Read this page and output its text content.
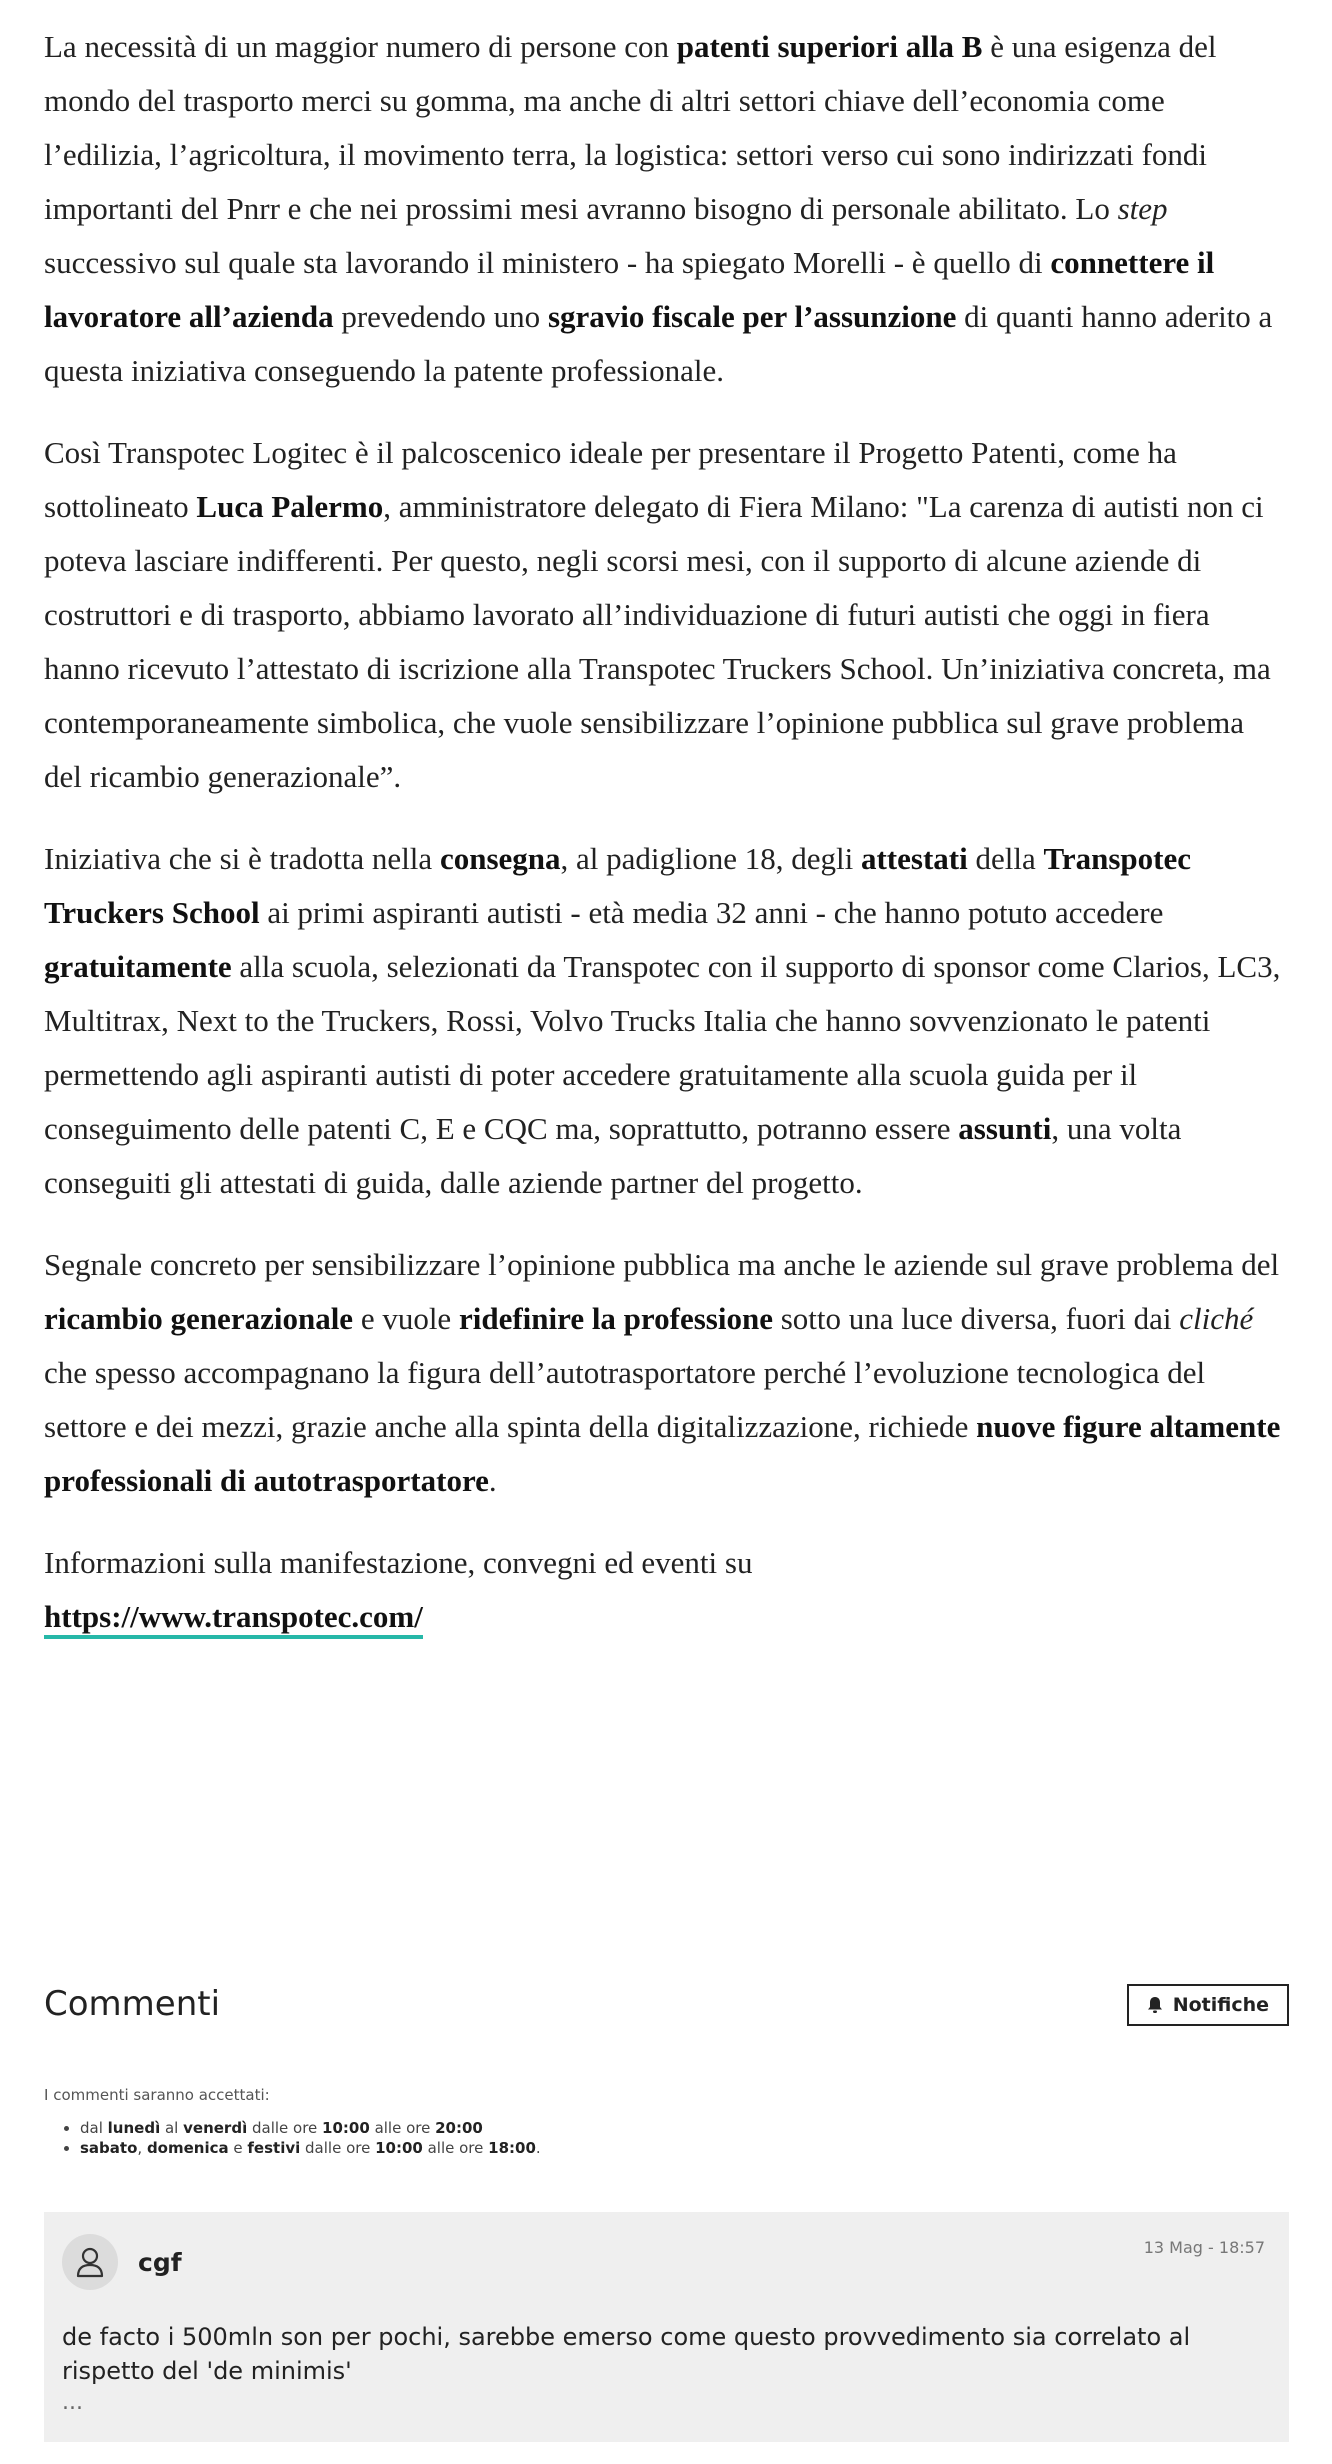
La necessità di un maggior numero di persone con patenti superiori alla B è una esigenza del mondo del trasporto merci su gomma, ma anche di altri settori chiave dell’economia come l’edilizia, l’agricoltura, il movimento terra, la logistica: settori verso cui sono indirizzati fondi importanti del Pnrr e che nei prossimi mesi avranno bisogno di personale abilitato. Lo step successivo sul quale sta lavorando il ministero - ha spiegato Morelli - è quello di connettere il lavoratore all’azienda prevedendo uno sgravio fiscale per l’assunzione di quanti hanno aderito a questa iniziativa conseguendo la patente professionale.

Così Transpotec Logitec è il palcoscenico ideale per presentare il Progetto Patenti, come ha sottolineato Luca Palermo, amministratore delegato di Fiera Milano: "La carenza di autisti non ci poteva lasciare indifferenti. Per questo, negli scorsi mesi, con il supporto di alcune aziende di costruttori e di trasporto, abbiamo lavorato all’individuazione di futuri autisti che oggi in fiera hanno ricevuto l’attestato di iscrizione alla Transpotec Truckers School. Un’iniziativa concreta, ma contemporaneamente simbolica, che vuole sensibilizzare l’opinione pubblica sul grave problema del ricambio generazionale”.

Iniziativa che si è tradotta nella consegna, al padiglione 18, degli attestati della Transpotec Truckers School ai primi aspiranti autisti - età media 32 anni - che hanno potuto accedere gratuitamente alla scuola, selezionati da Transpotec con il supporto di sponsor come Clarios, LC3, Multitrax, Next to the Truckers, Rossi, Volvo Trucks Italia che hanno sovvenzionato le patenti permettendo agli aspiranti autisti di poter accedere gratuitamente alla scuola guida per il conseguimento delle patenti C, E e CQC ma, soprattutto, potranno essere assunti, una volta conseguiti gli attestati di guida, dalle aziende partner del progetto.

Segnale concreto per sensibilizzare l’opinione pubblica ma anche le aziende sul grave problema del ricambio generazionale e vuole ridefinire la professione sotto una luce diversa, fuori dai cliché che spesso accompagnano la figura dell’autotrasportatore perché l’evoluzione tecnologica del settore e dei mezzi, grazie anche alla spinta della digitalizzazione, richiede nuove figure altamente professionali di autotrasportatore.

Informazioni sulla manifestazione, convegni ed eventi su
https://www.transpotec.com/

Commenti	Notifiche

I commenti saranno accettati:

• dal lunedì al venerdì dalle ore 10:00 alle ore 20:00
• sabato, domenica e festivi dalle ore 10:00 alle ore 18:00.
cgf
13 Mag - 18:57
de facto i 500mln son per pochi, sarebbe emerso come questo provvedimento sia correlato al rispetto del 'de minimis'
...
